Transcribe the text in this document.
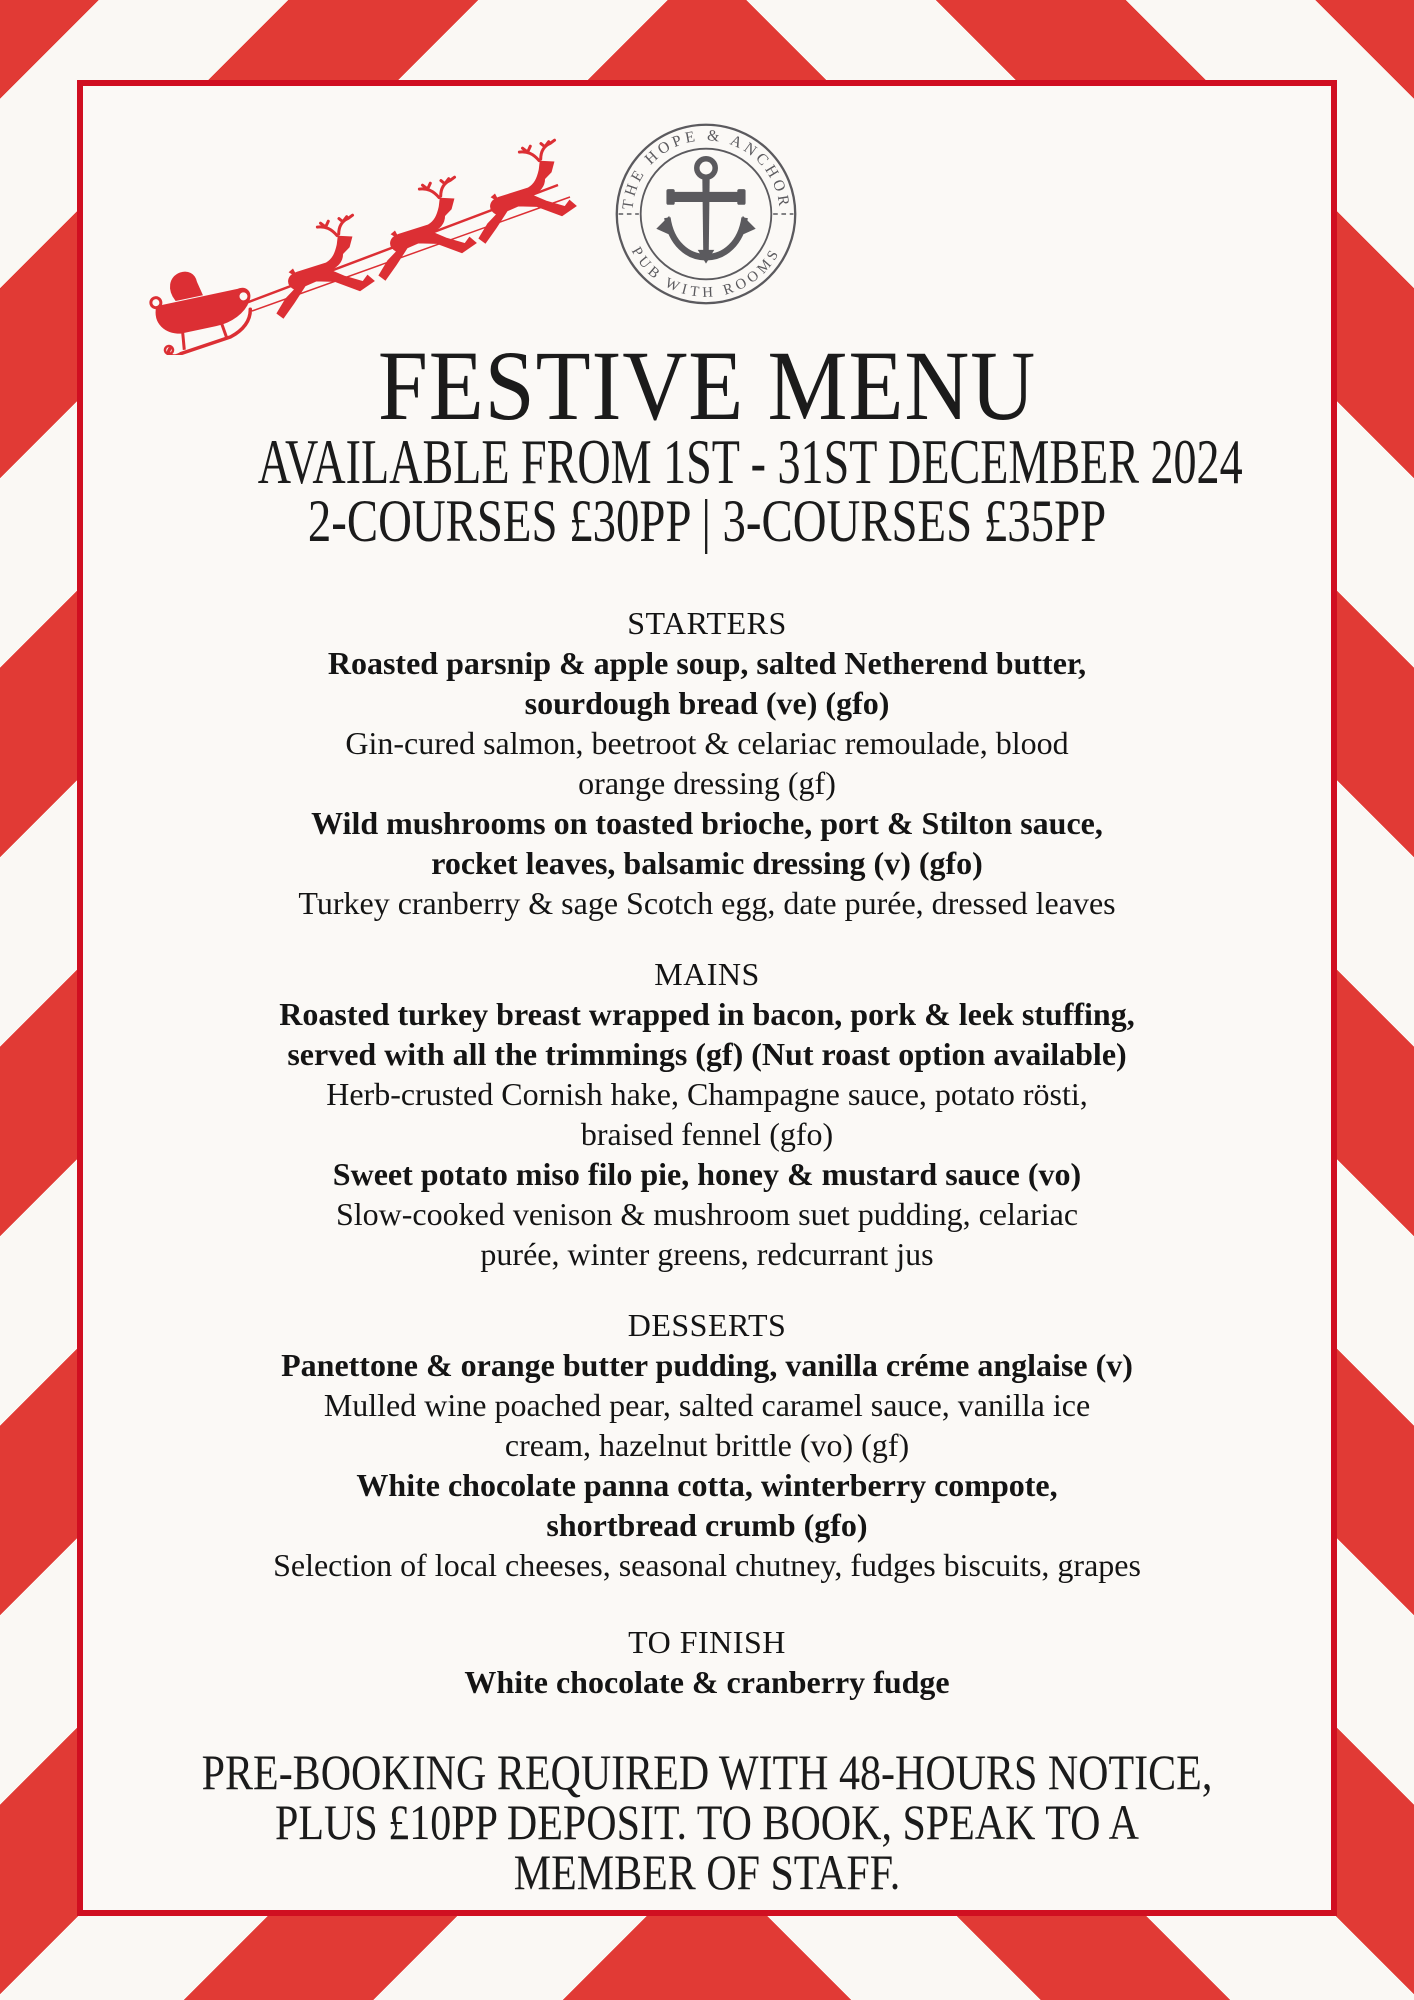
THE HOPE & ANCHOR
PUB WITH ROOMS
FESTIVE MENU
AVAILABLE FROM 1ST - 31ST DECEMBER 2024
2-COURSES £30PP | 3-COURSES £35PP
STARTERS
Roasted parsnip & apple soup, salted Netherend butter,
sourdough bread (ve) (gfo)
Gin-cured salmon, beetroot & celariac remoulade, blood
orange dressing (gf)
Wild mushrooms on toasted brioche, port & Stilton sauce,
rocket leaves, balsamic dressing (v) (gfo)
Turkey cranberry & sage Scotch egg, date purée, dressed leaves
MAINS
Roasted turkey breast wrapped in bacon, pork & leek stuffing,
served with all the trimmings (gf) (Nut roast option available)
Herb-crusted Cornish hake, Champagne sauce, potato rösti,
braised fennel (gfo)
Sweet potato miso filo pie, honey & mustard sauce (vo)
Slow-cooked venison & mushroom suet pudding, celariac
purée, winter greens, redcurrant jus
DESSERTS
Panettone & orange butter pudding, vanilla créme anglaise (v)
Mulled wine poached pear, salted caramel sauce, vanilla ice
cream, hazelnut brittle (vo) (gf)
White chocolate panna cotta, winterberry compote,
shortbread crumb (gfo)
Selection of local cheeses, seasonal chutney, fudges biscuits, grapes
TO FINISH
White chocolate & cranberry fudge
PRE-BOOKING REQUIRED WITH 48-HOURS NOTICE,
PLUS £10PP DEPOSIT. TO BOOK, SPEAK TO A
MEMBER OF STAFF.
